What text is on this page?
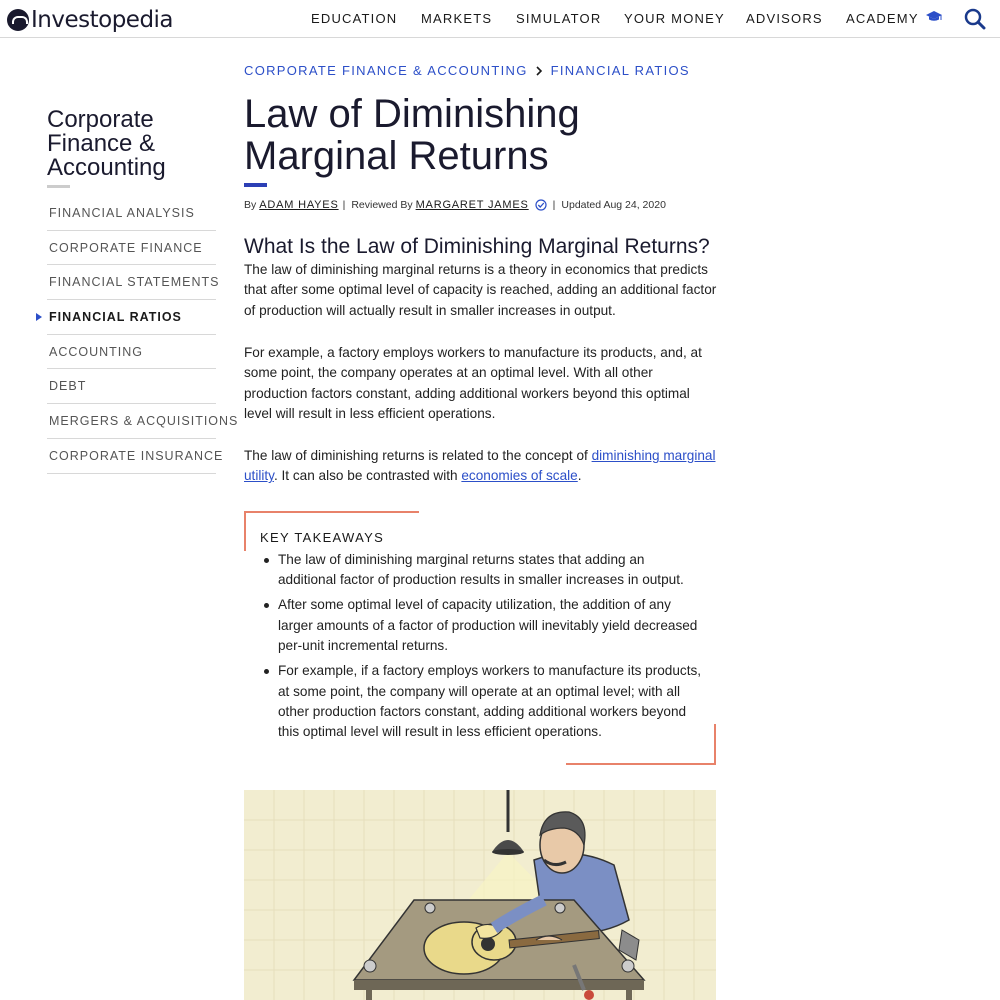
Investopedia	EDUCATION MARKETS SIMULATOR YOUR MONEY ADVISORS ACADEMY
Corporate Finance & Accounting
FINANCIAL ANALYSIS
CORPORATE FINANCE
FINANCIAL STATEMENTS
FINANCIAL RATIOS
ACCOUNTING
DEBT
MERGERS & ACQUISITIONS
CORPORATE INSURANCE
CORPORATE FINANCE & ACCOUNTING FINANCIAL RATIOS
Law of Diminishing Marginal Returns
By ADAM HAYES | Reviewed By MARGARET JAMES | Updated Aug 24, 2020
What Is the Law of Diminishing Marginal Returns?

The law of diminishing marginal returns is a theory in economics that predicts that after some optimal level of capacity is reached, adding an additional factor of production will actually result in smaller increases in output.

For example, a factory employs workers to manufacture its products, and, at some point, the company operates at an optimal level. With all other production factors constant, adding additional workers beyond this optimal level will result in less efficient operations.

The law of diminishing returns is related to the concept of diminishing marginal utility. It can also be contrasted with economies of scale.

KEY TAKEAWAYS
The law of diminishing marginal returns states that adding an additional factor of production results in smaller increases in output.
After some optimal level of capacity utilization, the addition of any larger amounts of a factor of production will inevitably yield decreased per-unit incremental returns.
For example, if a factory employs workers to manufacture its products, at some point, the company will operate at an optimal level; with all other production factors constant, adding additional workers beyond this optimal level will result in less efficient operations.
